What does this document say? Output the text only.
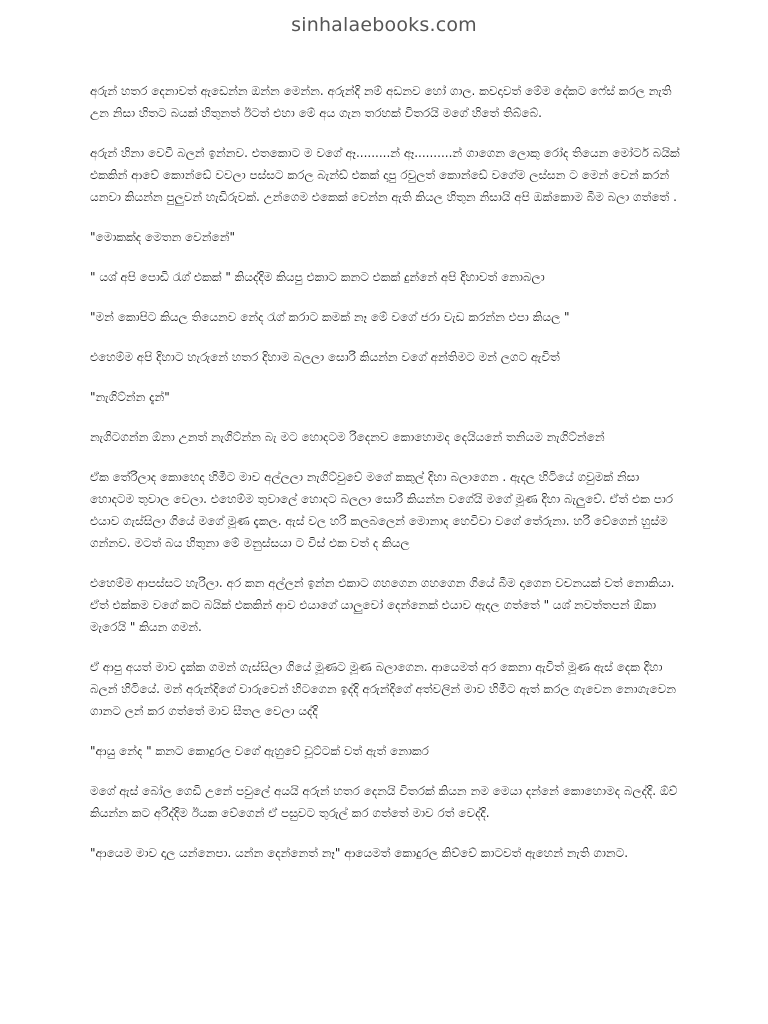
sinhalaebooks.com

අරුන් හතර දෙනාවත් ඇඩෙන්න ඔන්න මෙන්න. අරුන්දි නම් අඩනව හෝ ගාල. කවදාවත් මේම දේකට ෆේස් කරල නැති උන නිසා හිතට බයක් හිතුනත් ඊටත් එහා මේ අය ගැන තරහක් විතරයි මගේ හිතේ තිබ්බේ.

අරුන් හිනා වෙවී බලන් ඉන්නව. එතකොට ම වගේ ඈ.........න් ඈ..........න් ගාගෙන ලොකු රෝද තියෙන මෝටර් බයික් එකකින් ආවේ කොන්ඩේ වවලා පස්සට කරල බැන්ඩ් එකක් දාපු රවුලත් කොන්ඩේ වගේම ලස්සන ට මෙන් වෙන් කරන් යනවා කියන්න පුලුවන් හැඩිරුවක්. උන්ගෙම එකෙක් වෙන්න ඇති කියල හිතුන නිසායි අපි ඔක්කොම බීම බලා ගත්තේ .

"මොකක්ද මෙතන වෙන්නේ"

" යශ් අපි පොඩි රැග් එකක් " කියද්දිම කියපු එකාට කනට එකක් දුන්නේ අපි දිහාවත් නොබලා

"මන් කොපිට කියල තියෙනව නේද රැග් කරාට කමක් නෑ මේ වගේ ජරා වැඩ කරන්න එපා කියල "

එහෙම්ම අපි දිහාට හැරුනේ හතර දිහාම බලලා සොරි කියන්න වගේ අන්තිමට මන් ලගට ඇවිත්

"නැගිට්න්න දැන්"

නැගිටගන්න ඕනා උනත් නැගිට්න්න බැ මට හොදටම රිදෙනව කොහොමද දෙයියනේ තනියම නැගිට්න්නේ

ඒක තේරිලාද කොහෙද හිමීට මාව අල්ලලා නැගිට්වුවේ මගේ කකුල් දිහා බලාගෙන . ඇදල හිටියේ ගවුමක් නිසා හොදටම තුවාල වෙලා. එහෙම්ම තුවාලේ හොදට බලලා සොරි කියන්න වගේයි මගේ මූණ දිහා බැලුවේ. ඒත් එක පාර එයාව ගැස්සිලා ගියේ මගේ මූණ දැකල. ඇස් වල හරි කලබලෙන් මොනාද හෙවිවා වගේ තේරුනා. හරි වේගෙන් හුස්ම ගන්නව. මටත් බය හිතුනා මේ මනුස්සයා ට විස් එක වත් ද කියල

එහෙම්ම ආපස්සට හැරිලා. අර කන අල්ලන් ඉන්න එකාට ගහගෙන ගහගෙන ගියේ බීම දාගෙන වචනයක් වත් නොකියා. ඒත් එක්කම වගේ කට බයික් එකකින් ආව එයාගේ යාලුවෝ දෙන්නෙක් එයාව ඇදල ගත්තේ " යශ් නවත්තපන් ඕකා මැරෙයි " කියන ගමන්.

ඒ ආපු අයත් මාව දැක්ක ගමන් ගැස්සිලා ගියේ මූණට මූණ බලාගෙන. ආයෙමත් අර කෙනා ඇවිත් මූණ ඇස් දෙක දිහා බලන් හිටියේ. මන් අරුන්දිගේ වාරුවෙන් හිටගෙන ඉද්දි අරුන්දිගේ අත්වලින් මාව හිමීට ඇත් කරල ගැවෙන නොගැවෙන ගානට ලන් කර ගත්තේ මාව සීතල වෙලා යද්දි

"ආයු නේද " කනට කොදුරල වගේ ඇහුවේ චූට්ටක් වත් ඇත් නොකර

මගේ ඇස් බෝල ගෙඩි උනේ පවුලේ අයයි අරුන් හතර දෙනයි විතරක් කියන නම මෙයා දන්නේ කොහොමද බලද්දි. ඕව් කියන්න කට අරිද්දිම ඊයක වේගෙන් ඒ පසුවට තුරුල් කර ගත්තේ මාව රත් වෙද්දි.

"ආයෙම මාව දාල යන්නෙපා. යන්න දෙන්නෙත් නෑ" ආයෙමත් කොදුරල කිව්වේ කාටවත් ඇහෙන් නැති ගානට.
